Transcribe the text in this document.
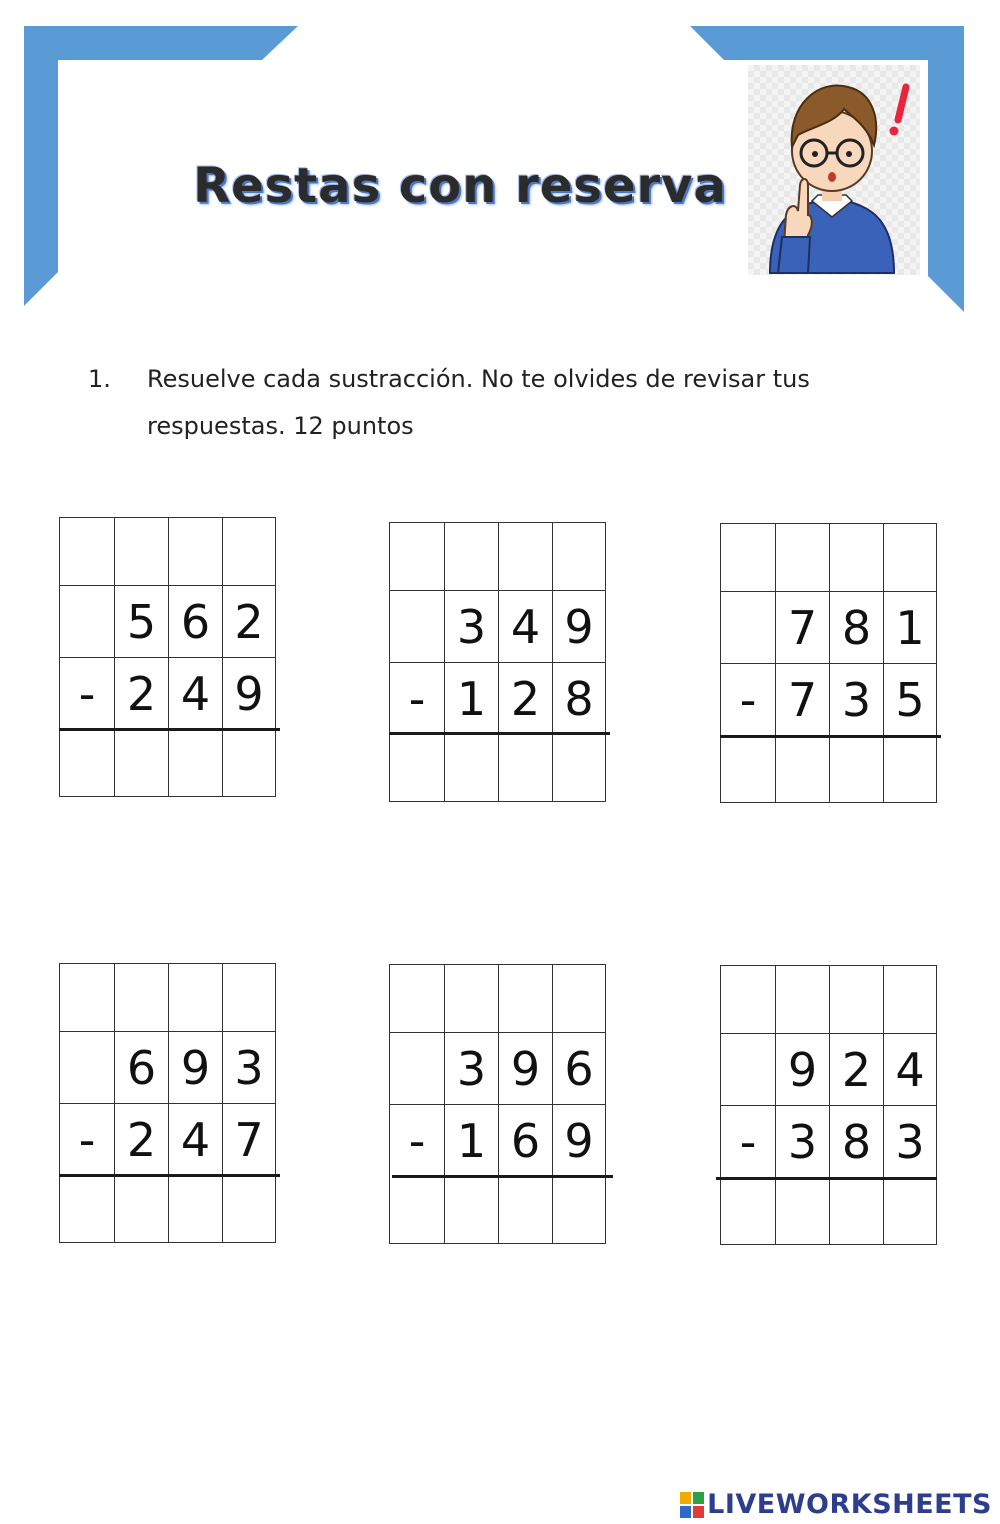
Restas con reserva
1. Resuelve cada sustracción. No te olvides de revisar tus respuestas. 12 puntos
5 6 2
- 2 4 9
3 4 9
- 1 2 8
7 8 1
- 7 3 5
6 9 3
- 2 4 7
3 9 6
- 1 6 9
9 2 4
- 3 8 3
LIVEWORKSHEETS
